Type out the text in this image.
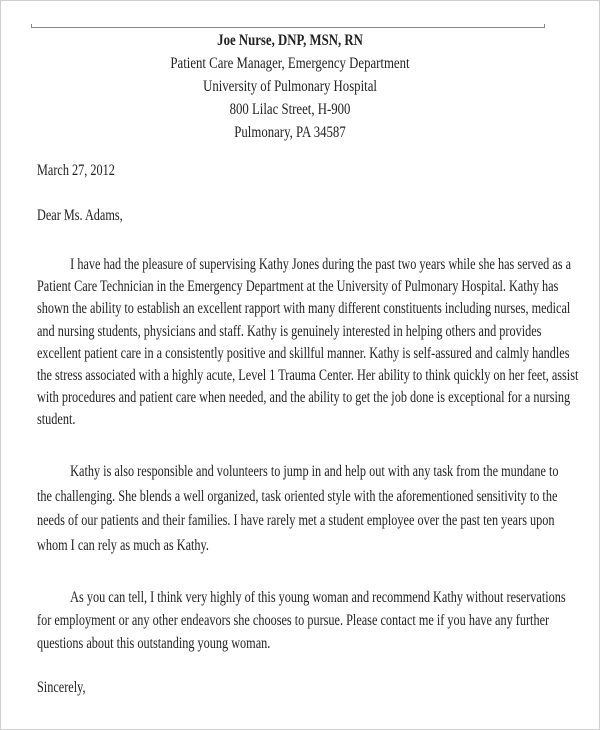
Joe Nurse, DNP, MSN, RN
Patient Care Manager, Emergency Department
University of Pulmonary Hospital
800 Lilac Street, H-900
Pulmonary, PA 34587
March 27, 2012
Dear Ms. Adams,
I have had the pleasure of supervising Kathy Jones during the past two years while she has served as a
Patient Care Technician in the Emergency Department at the University of Pulmonary Hospital. Kathy has
shown the ability to establish an excellent rapport with many different constituents including nurses, medical
and nursing students, physicians and staff. Kathy is genuinely interested in helping others and provides
excellent patient care in a consistently positive and skillful manner. Kathy is self-assured and calmly handles
the stress associated with a highly acute, Level 1 Trauma Center. Her ability to think quickly on her feet, assist
with procedures and patient care when needed, and the ability to get the job done is exceptional for a nursing
student.
Kathy is also responsible and volunteers to jump in and help out with any task from the mundane to
the challenging. She blends a well organized, task oriented style with the aforementioned sensitivity to the
needs of our patients and their families. I have rarely met a student employee over the past ten years upon
whom I can rely as much as Kathy.
As you can tell, I think very highly of this young woman and recommend Kathy without reservations
for employment or any other endeavors she chooses to pursue. Please contact me if you have any further
questions about this outstanding young woman.
Sincerely,
